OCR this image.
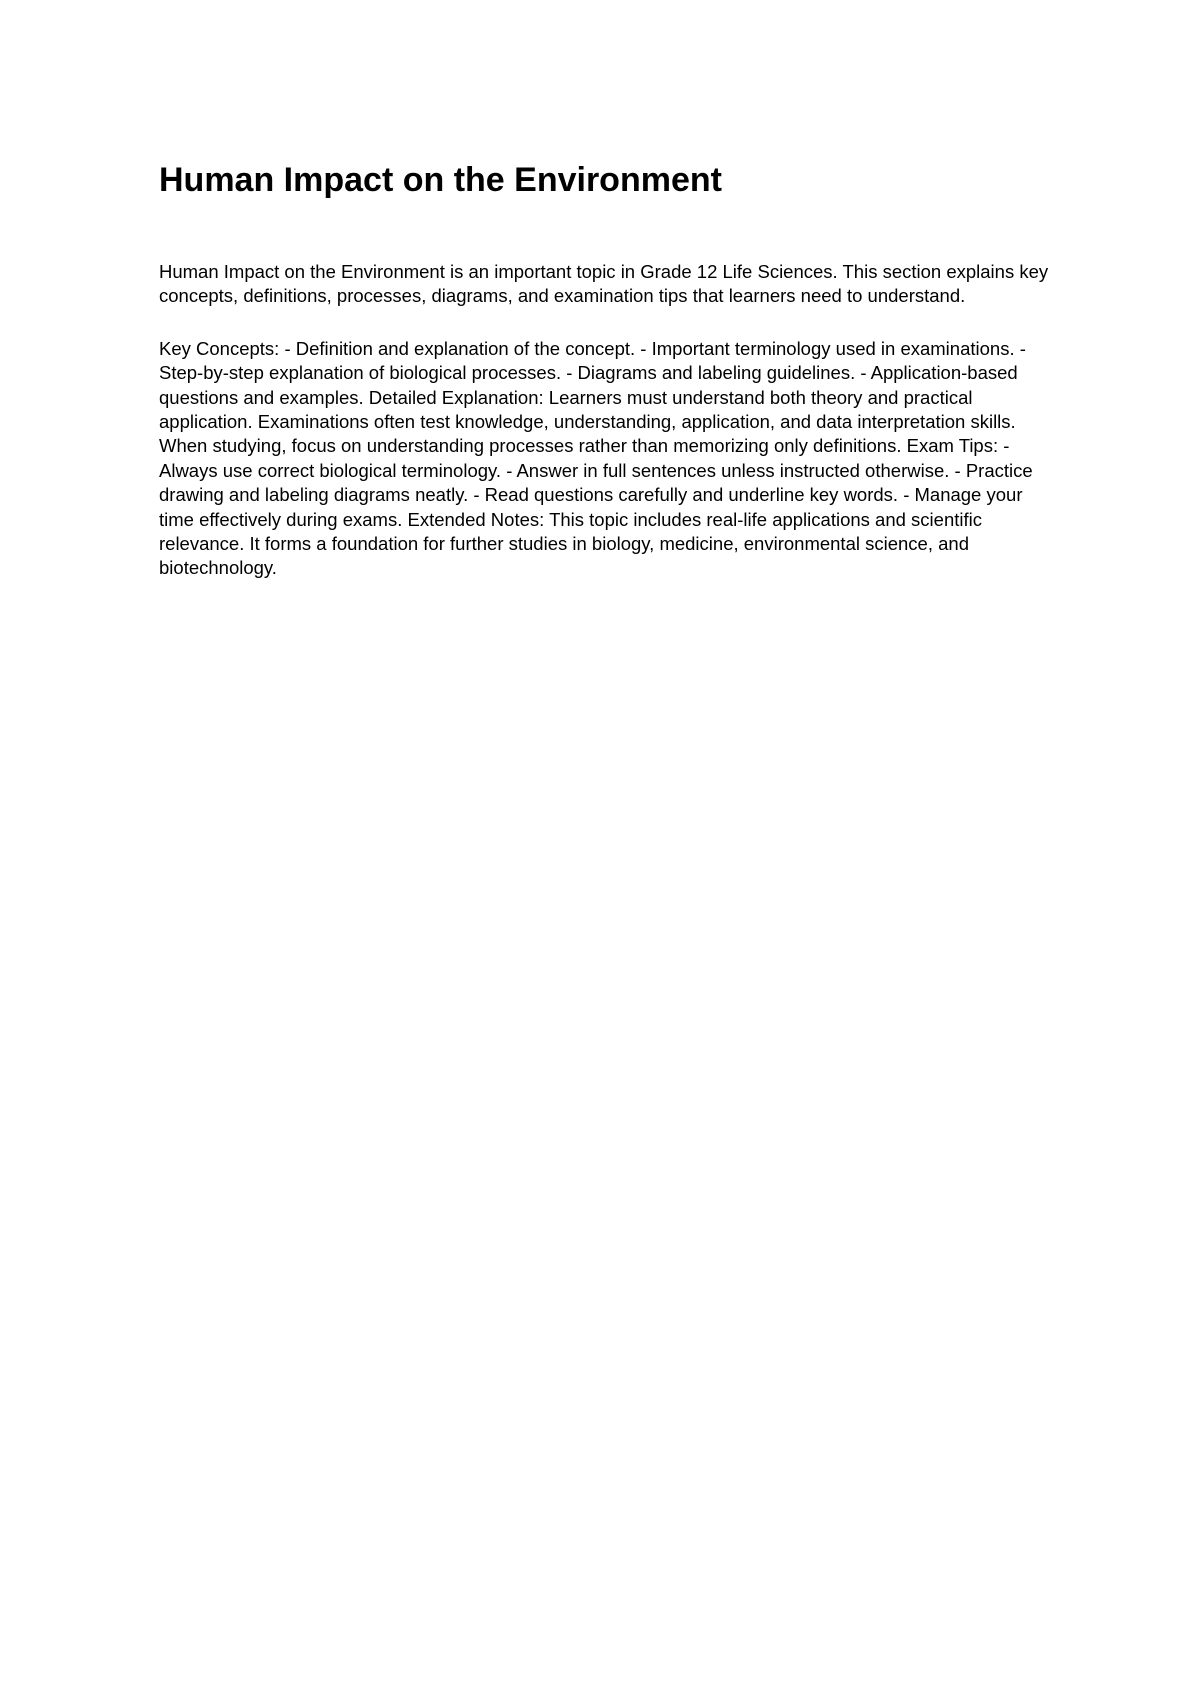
Human Impact on the Environment

Human Impact on the Environment is an important topic in Grade 12 Life Sciences. This section explains key concepts, definitions, processes, diagrams, and examination tips that learners need to understand.

Key Concepts: - Definition and explanation of the concept. - Important terminology used in examinations. - Step-by-step explanation of biological processes. - Diagrams and labeling guidelines. - Application-based questions and examples. Detailed Explanation: Learners must understand both theory and practical application. Examinations often test knowledge, understanding, application, and data interpretation skills. When studying, focus on understanding processes rather than memorizing only definitions. Exam Tips: - Always use correct biological terminology. - Answer in full sentences unless instructed otherwise. - Practice drawing and labeling diagrams neatly. - Read questions carefully and underline key words. - Manage your time effectively during exams. Extended Notes: This topic includes real-life applications and scientific relevance. It forms a foundation for further studies in biology, medicine, environmental science, and biotechnology.
